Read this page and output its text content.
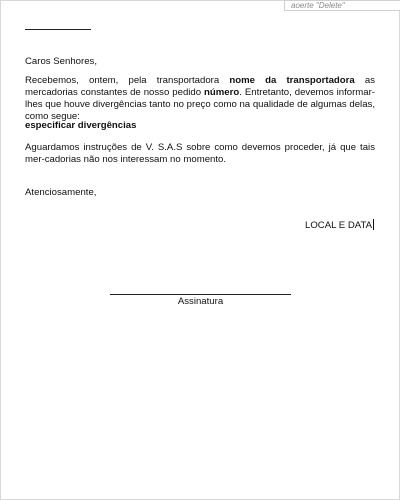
aoerte "Delete"
Caros Senhores,
Recebemos, ontem, pela transportadora nome da transportadora as mercadorias constantes de nosso pedido número. Entretanto, devemos informar-lhes que houve divergências tanto no preço como na qualidade de algumas delas, como segue:
especificar divergências
Aguardamos instruções de V. S.A.S sobre como devemos proceder, já que tais mer-cadorias não nos interessam no momento.
Atenciosamente,
LOCAL E DATA
Assinatura
